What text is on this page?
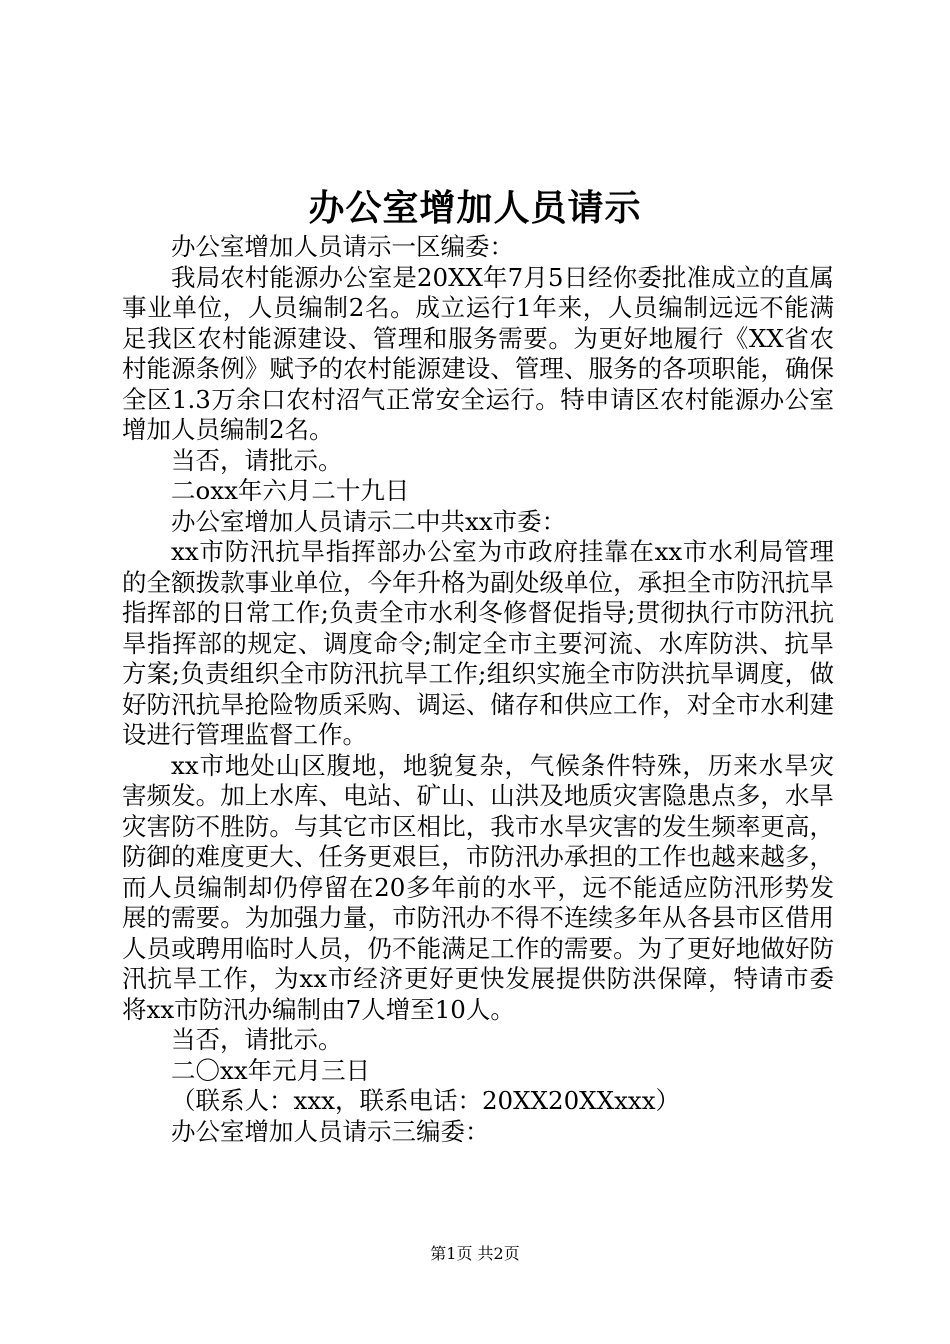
办公室增加人员请示

办公室增加人员请示一区编委：

我局农村能源办公室是20XX年7月5日经你委批准成立的直属事业单位，人员编制2名。成立运行1年来，人员编制远远不能满足我区农村能源建设、管理和服务需要。为更好地履行《XX省农村能源条例》赋予的农村能源建设、管理、服务的各项职能，确保全区1.3万余口农村沼气正常安全运行。特申请区农村能源办公室增加人员编制2名。

当否，请批示。

二oxx年六月二十九日

办公室增加人员请示二中共xx市委：

xx市防汛抗旱指挥部办公室为市政府挂靠在xx市水利局管理的全额拨款事业单位，今年升格为副处级单位，承担全市防汛抗旱指挥部的日常工作;负责全市水利冬修督促指导;贯彻执行市防汛抗旱指挥部的规定、调度命令;制定全市主要河流、水库防洪、抗旱方案;负责组织全市防汛抗旱工作;组织实施全市防洪抗旱调度，做好防汛抗旱抢险物质采购、调运、储存和供应工作，对全市水利建设进行管理监督工作。

xx市地处山区腹地，地貌复杂，气候条件特殊，历来水旱灾害频发。加上水库、电站、矿山、山洪及地质灾害隐患点多，水旱灾害防不胜防。与其它市区相比，我市水旱灾害的发生频率更高，防御的难度更大、任务更艰巨，市防汛办承担的工作也越来越多，而人员编制却仍停留在20多年前的水平，远不能适应防汛形势发展的需要。为加强力量，市防汛办不得不连续多年从各县市区借用人员或聘用临时人员，仍不能满足工作的需要。为了更好地做好防汛抗旱工作，为xx市经济更好更快发展提供防洪保障，特请市委将xx市防汛办编制由7人增至10人。

当否，请批示。

二〇xx年元月三日

（联系人：xxx，联系电话：20XX20XXxxx）

办公室增加人员请示三编委：

第1页 共2页
